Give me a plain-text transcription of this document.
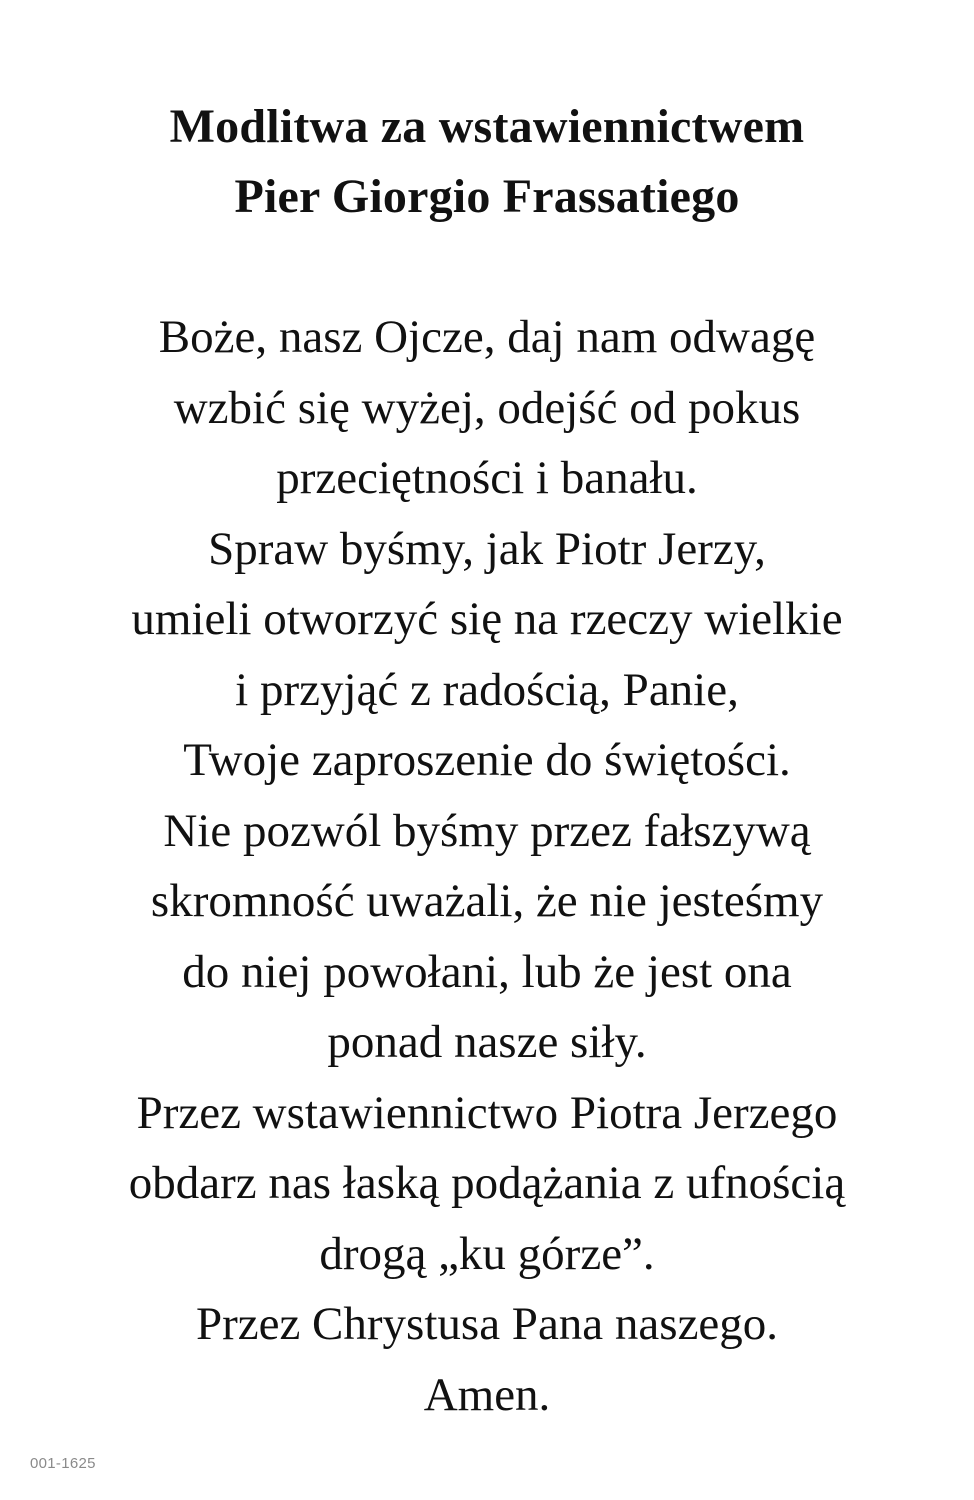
Modlitwa za wstawiennictwem
Pier Giorgio Frassatiego
Boże, nasz Ojcze, daj nam odwagę
wzbić się wyżej, odejść od pokus
przeciętności i banału.
Spraw byśmy, jak Piotr Jerzy,
umieli otworzyć się na rzeczy wielkie
i przyjąć z radością, Panie,
Twoje zaproszenie do świętości.
Nie pozwól byśmy przez fałszywą
skromność uważali, że nie jesteśmy
do niej powołani, lub że jest ona
ponad nasze siły.
Przez wstawiennictwo Piotra Jerzego
obdarz nas łaską podążania z ufnością
drogą „ku górze”.
Przez Chrystusa Pana naszego.
Amen.
001-1625
